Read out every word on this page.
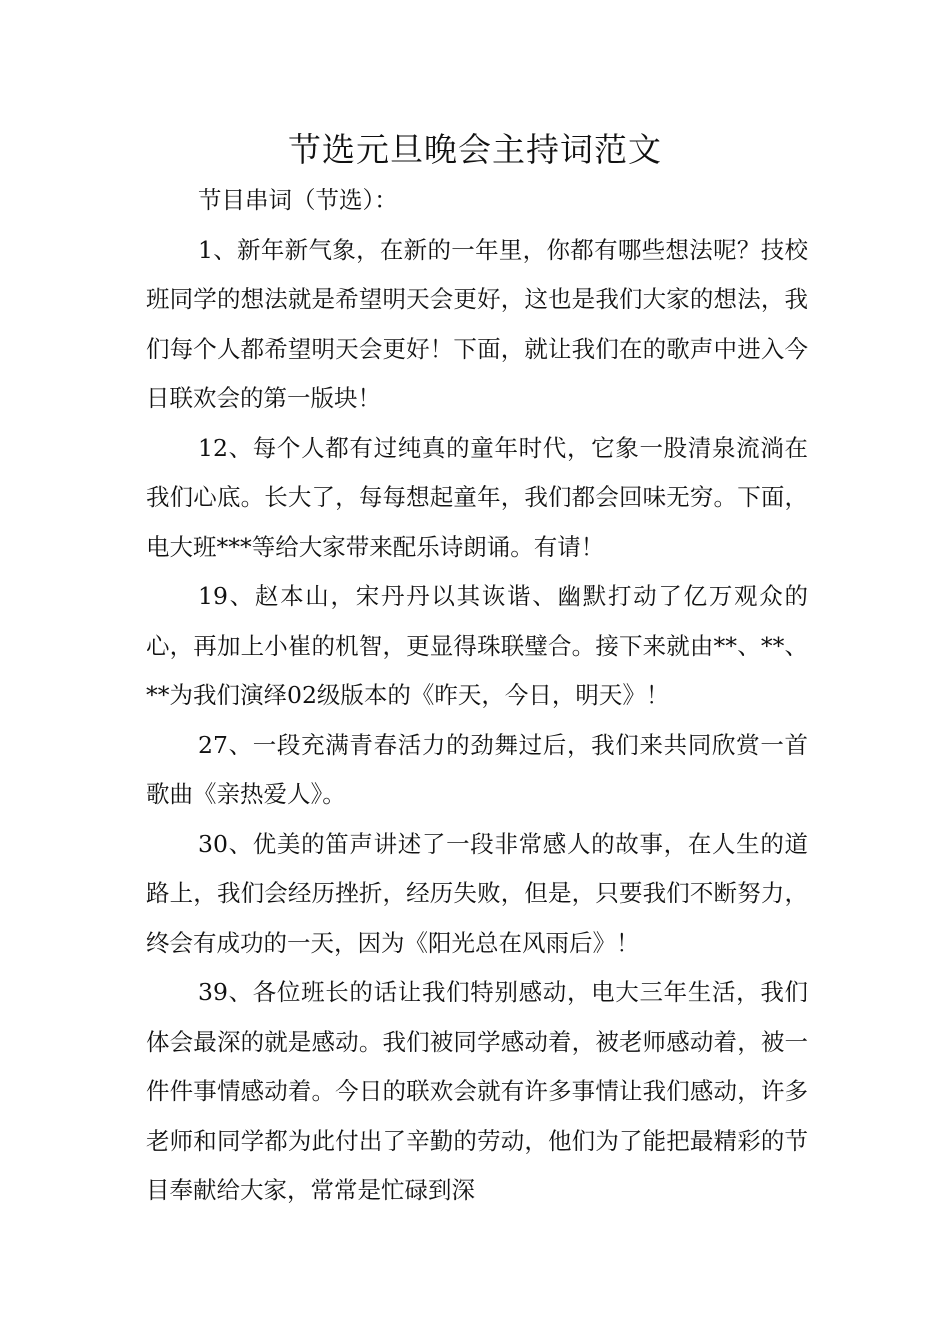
节选元旦晚会主持词范文

节目串词（节选）：

1、新年新气象，在新的一年里，你都有哪些想法呢？技校班同学的想法就是希望明天会更好，这也是我们大家的想法，我们每个人都希望明天会更好！下面，就让我们在的歌声中进入今日联欢会的第一版块！

12、每个人都有过纯真的童年时代，它象一股清泉流淌在我们心底。长大了，每每想起童年，我们都会回味无穷。下面，电大班***等给大家带来配乐诗朗诵。有请！

19、赵本山，宋丹丹以其诙谐、幽默打动了亿万观众的心，再加上小崔的机智，更显得珠联璧合。接下来就由**、**、**为我们演绎02级版本的《昨天，今日，明天》！

27、一段充满青春活力的劲舞过后，我们来共同欣赏一首歌曲《亲热爱人》。

30、优美的笛声讲述了一段非常感人的故事，在人生的道路上，我们会经历挫折，经历失败，但是，只要我们不断努力，终会有成功的一天，因为《阳光总在风雨后》！

39、各位班长的话让我们特别感动，电大三年生活，我们体会最深的就是感动。我们被同学感动着，被老师感动着，被一件件事情感动着。今日的联欢会就有许多事情让我们感动，许多老师和同学都为此付出了辛勤的劳动，他们为了能把最精彩的节目奉献给大家，常常是忙碌到深
